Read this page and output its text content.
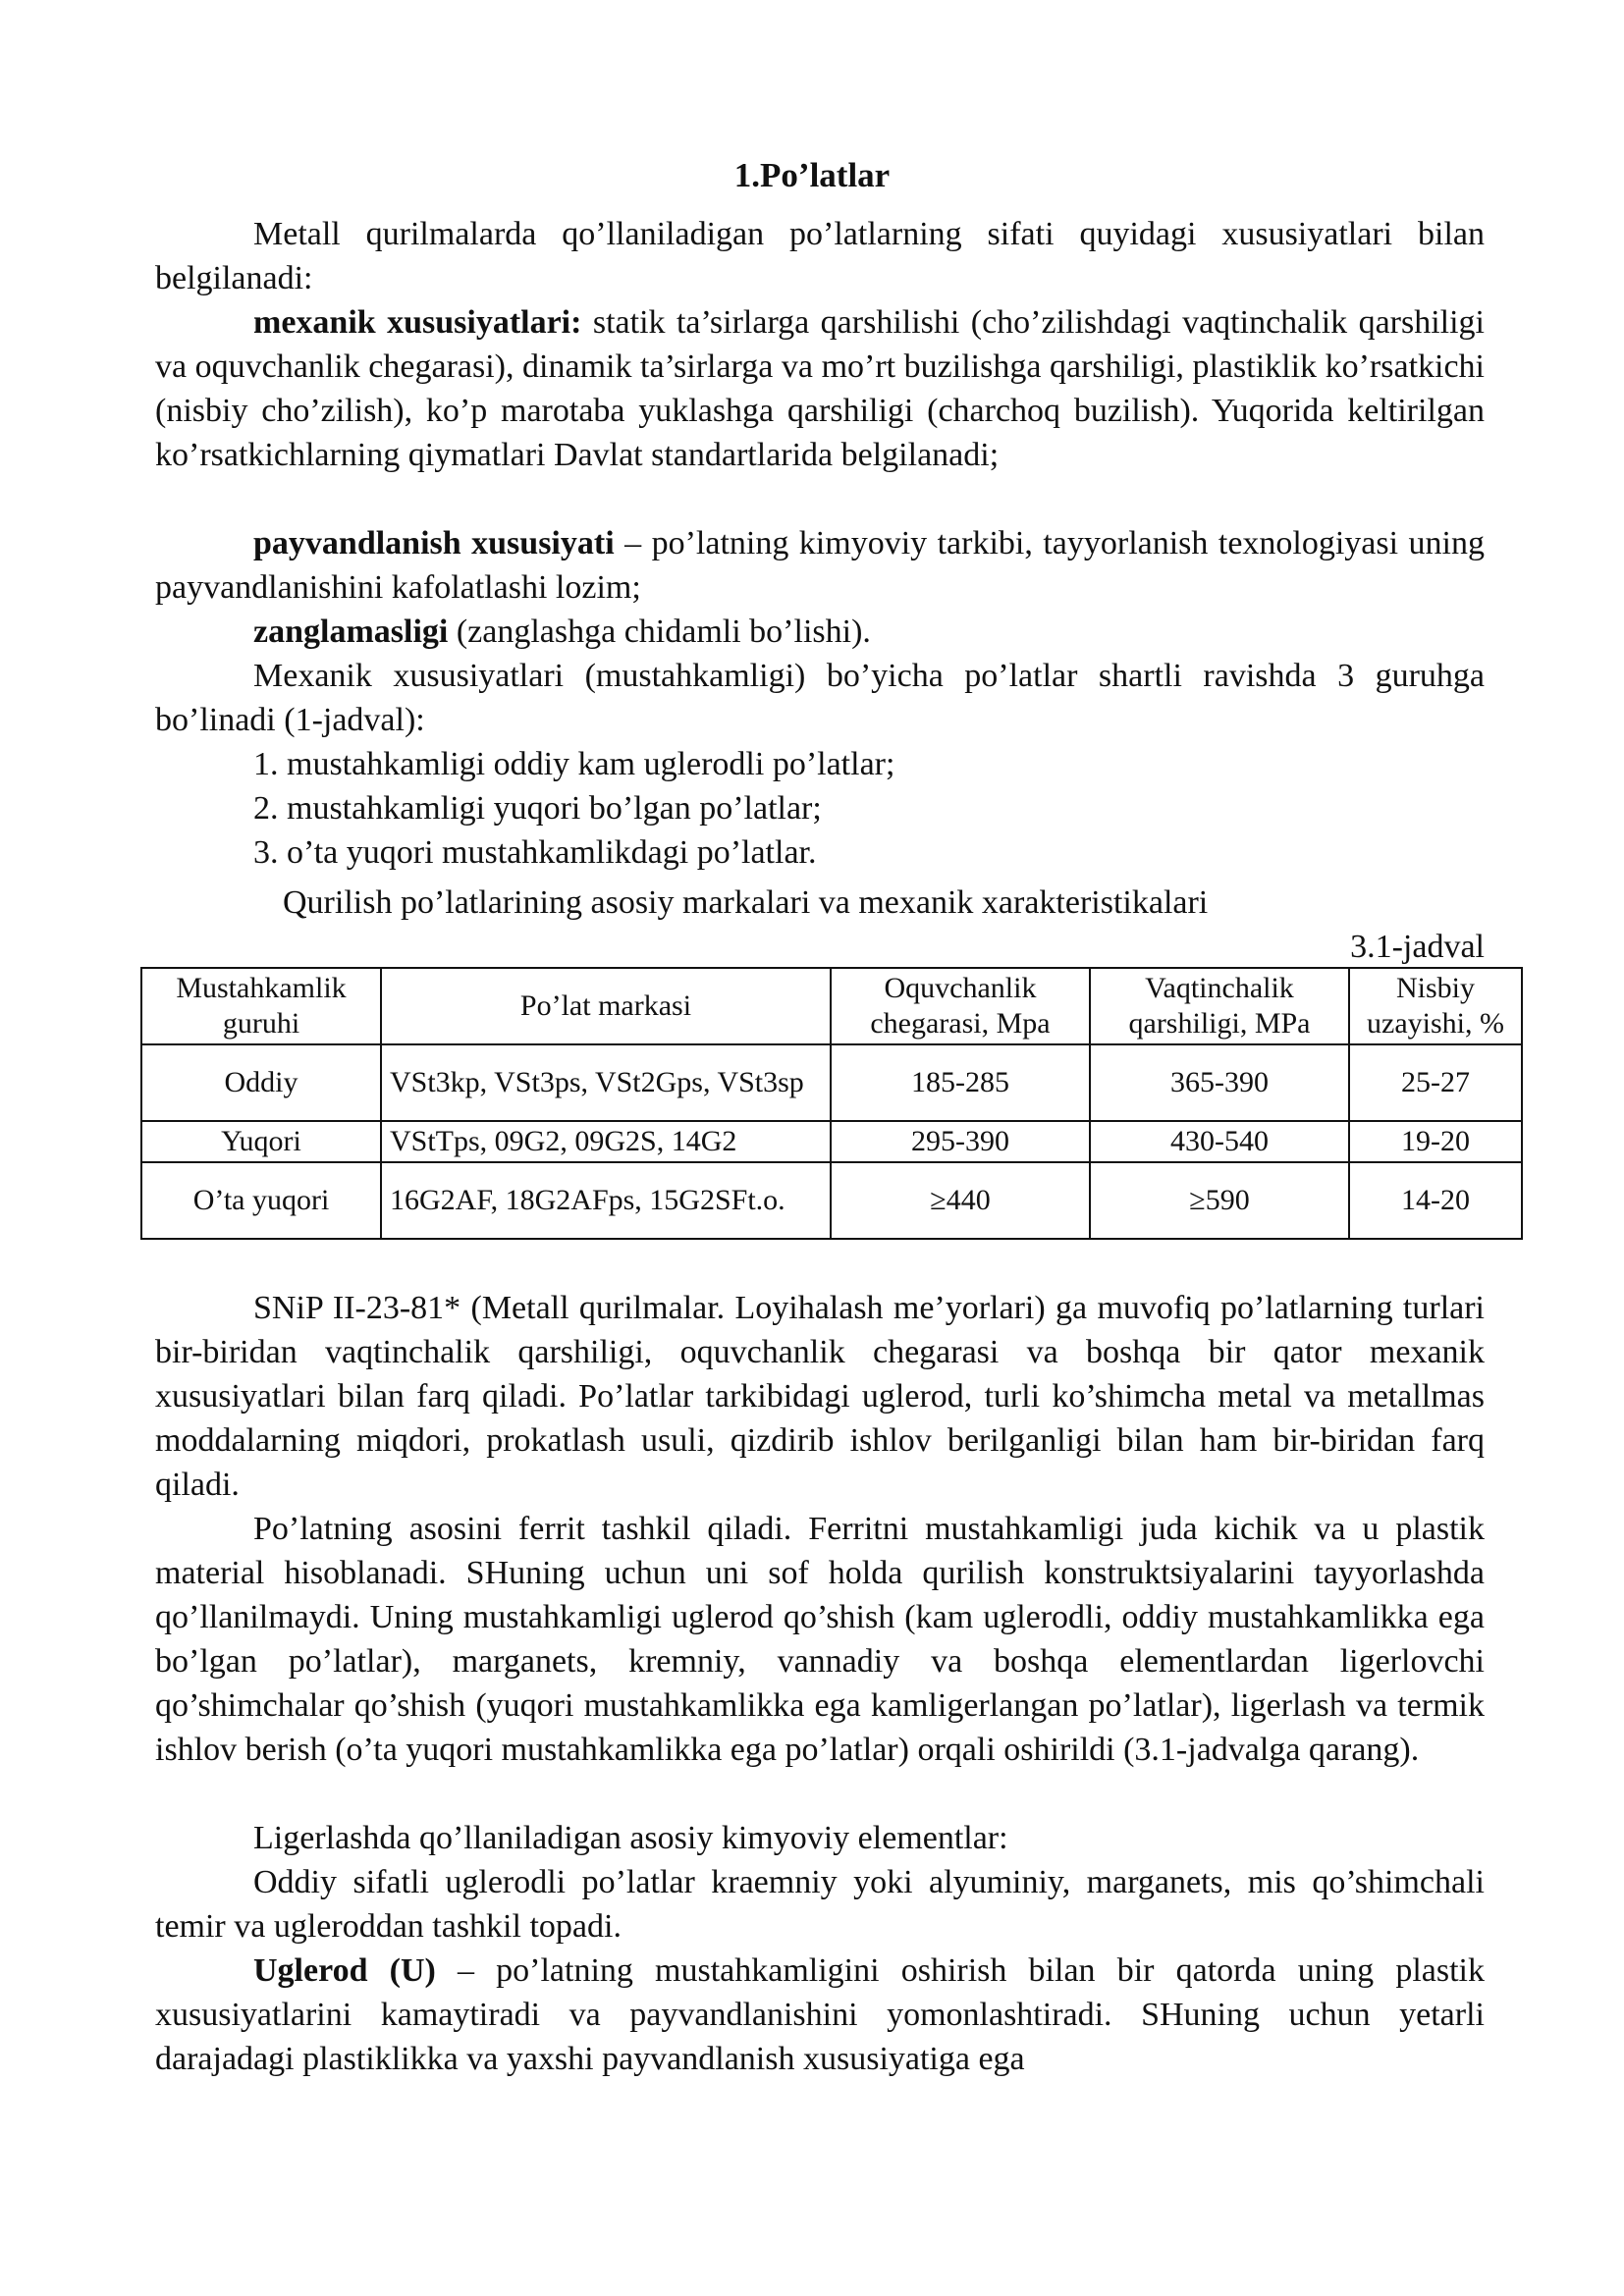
1.Po’latlar
Metall qurilmalarda qo’llaniladigan po’latlarning sifati quyidagi xususiyatlari bilan belgilanadi:
mexanik xususiyatlari: statik ta’sirlarga qarshilishi (cho’zilishdagi vaqtinchalik qarshiligi va oquvchanlik chegarasi), dinamik ta’sirlarga va mo’rt buzilishga qarshiligi, plastiklik ko’rsatkichi (nisbiy cho’zilish), ko’p marotaba yuklashga qarshiligi (charchoq buzilish). Yuqorida keltirilgan ko’rsatkichlarning qiymatlari Davlat standartlarida belgilanadi;
payvandlanish xususiyati – po’latning kimyoviy tarkibi, tayyorlanish texnologiyasi uning payvandlanishini kafolatlashi lozim;
zanglamasligi (zanglashga chidamli bo’lishi).
Mexanik xususiyatlari (mustahkamligi) bo’yicha po’latlar shartli ravishda 3 guruhga bo’linadi (1-jadval):
1. mustahkamligi oddiy kam uglerodli po’latlar;
2. mustahkamligi yuqori bo’lgan po’latlar;
3. o’ta yuqori mustahkamlikdagi po’latlar.
Qurilish po’latlarining asosiy markalari va mexanik xarakteristikalari
3.1-jadval
Mustahkamlik guruhi	Po’lat markasi	Oquvchanlik chegarasi, Mpa	Vaqtinchalik qarshiligi, MPa	Nisbiy uzayishi, %
Oddiy	VSt3kp, VSt3ps, VSt2Gps, VSt3sp	185-285	365-390	25-27
Yuqori	VStTps, 09G2, 09G2S, 14G2	295-390	430-540	19-20
O’ta yuqori	16G2AF, 18G2AFps, 15G2SFt.o.	≥440	≥590	14-20
SNiP II-23-81* (Metall qurilmalar. Loyihalash me’yorlari) ga muvofiq po’latlarning turlari bir-biridan vaqtinchalik qarshiligi, oquvchanlik chegarasi va boshqa bir qator mexanik xususiyatlari bilan farq qiladi. Po’latlar tarkibidagi uglerod, turli ko’shimcha metal va metallmas moddalarning miqdori, prokatlash usuli, qizdirib ishlov berilganligi bilan ham bir-biridan farq qiladi.
Po’latning asosini ferrit tashkil qiladi. Ferritni mustahkamligi juda kichik va u plastik material hisoblanadi. SHuning uchun uni sof holda qurilish konstruktsiyalarini tayyorlashda qo’llanilmaydi. Uning mustahkamligi uglerod qo’shish (kam uglerodli, oddiy mustahkamlikka ega bo’lgan po’latlar), marganets, kremniy, vannadiy va boshqa elementlardan ligerlovchi qo’shimchalar qo’shish (yuqori mustahkamlikka ega kamligerlangan po’latlar), ligerlash va termik ishlov berish (o’ta yuqori mustahkamlikka ega po’latlar) orqali oshirildi (3.1-jadvalga qarang).
Ligerlashda qo’llaniladigan asosiy kimyoviy elementlar:
Oddiy sifatli uglerodli po’latlar kraemniy yoki alyuminiy, marganets, mis qo’shimchali temir va ugleroddan tashkil topadi.
Uglerod (U) – po’latning mustahkamligini oshirish bilan bir qatorda uning plastik xususiyatlarini kamaytiradi va payvandlanishini yomonlashtiradi. SHuning uchun yetarli darajadagi plastiklikka va yaxshi payvandlanish xususiyatiga ega
